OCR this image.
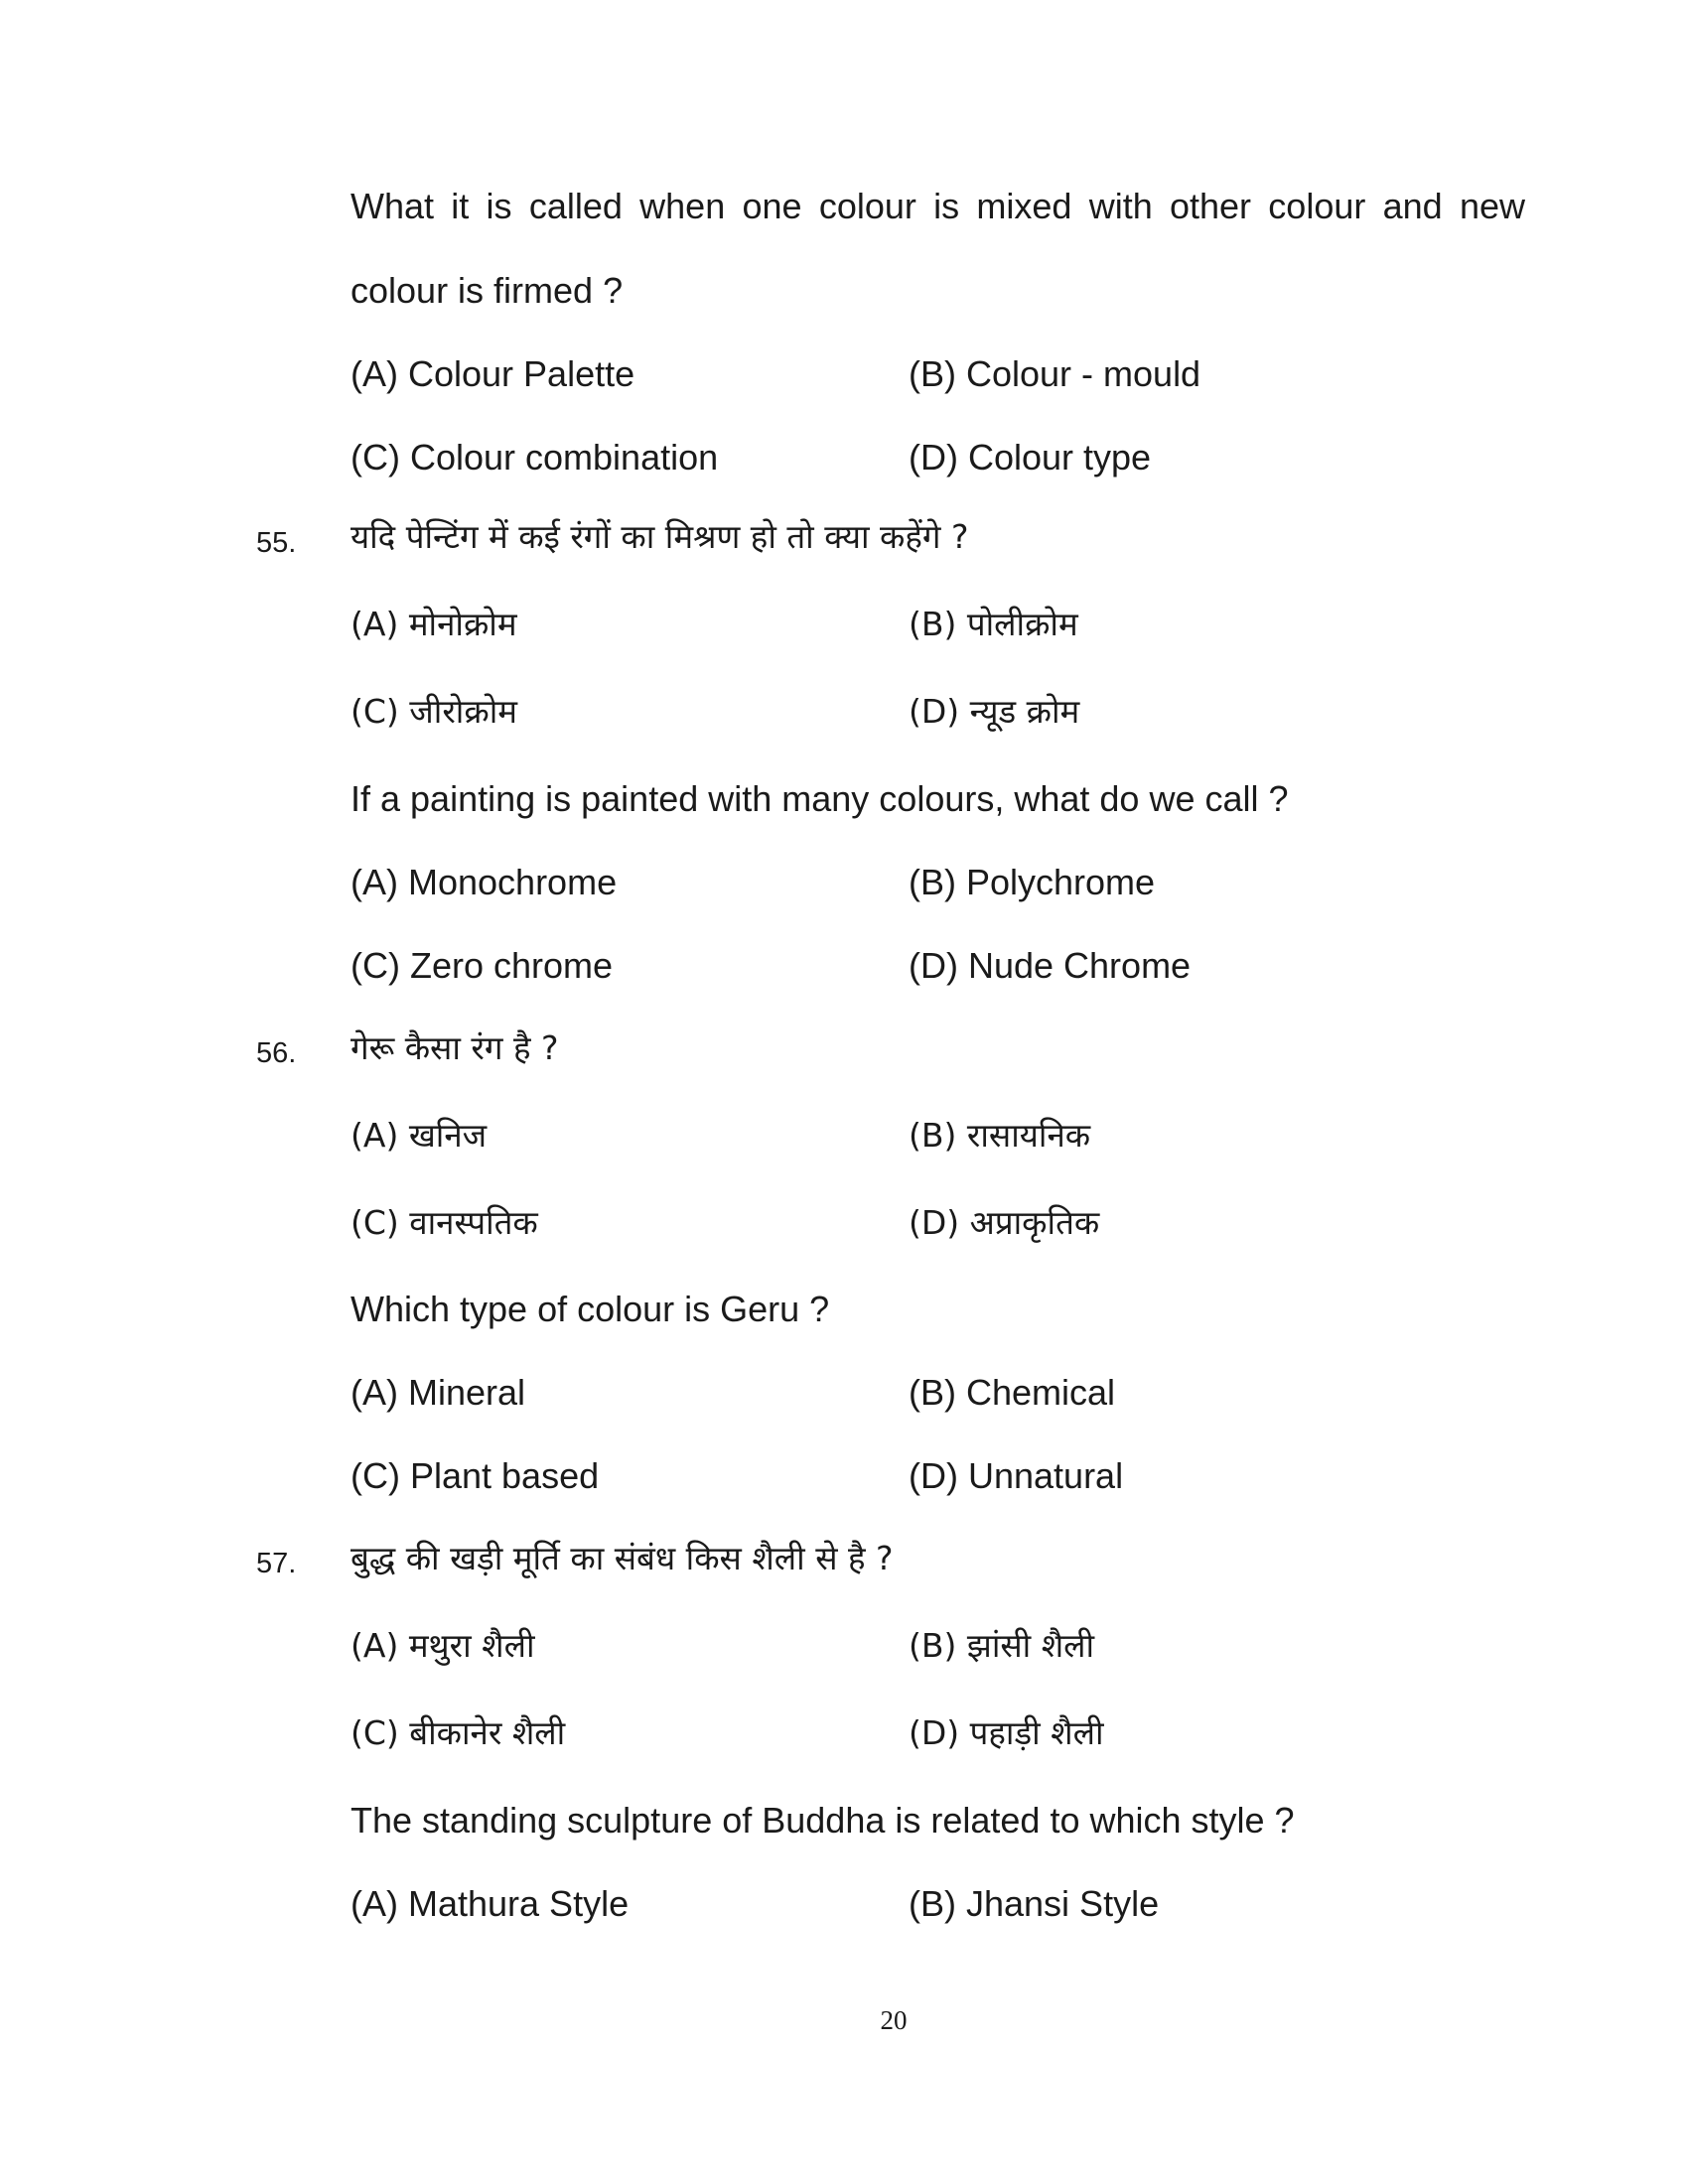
What it is called when one colour is mixed with other colour and new
colour is firmed ?
(A) Colour Palette	(B) Colour - mould
(C) Colour combination	(D) Colour type
55. यदि पेन्टिंग में कई रंगों का मिश्रण हो तो क्या कहेंगे ?
(A) मोनोक्रोम	(B) पोलीक्रोम
(C) जीरोक्रोम	(D) न्यूड क्रोम
If a painting is painted with many colours, what do we call ?
(A) Monochrome	(B) Polychrome
(C) Zero chrome	(D) Nude Chrome
56. गेरू कैसा रंग है ?
(A) खनिज	(B) रासायनिक
(C) वानस्पतिक	(D) अप्राकृतिक
Which type of colour is Geru ?
(A) Mineral	(B) Chemical
(C) Plant based	(D) Unnatural
57. बुद्ध की खड़ी मूर्ति का संबंध किस शैली से है ?
(A) मथुरा शैली	(B) झांसी शैली
(C) बीकानेर शैली	(D) पहाड़ी शैली
The standing sculpture of Buddha is related to which style ?
(A) Mathura Style	(B) Jhansi Style
20
